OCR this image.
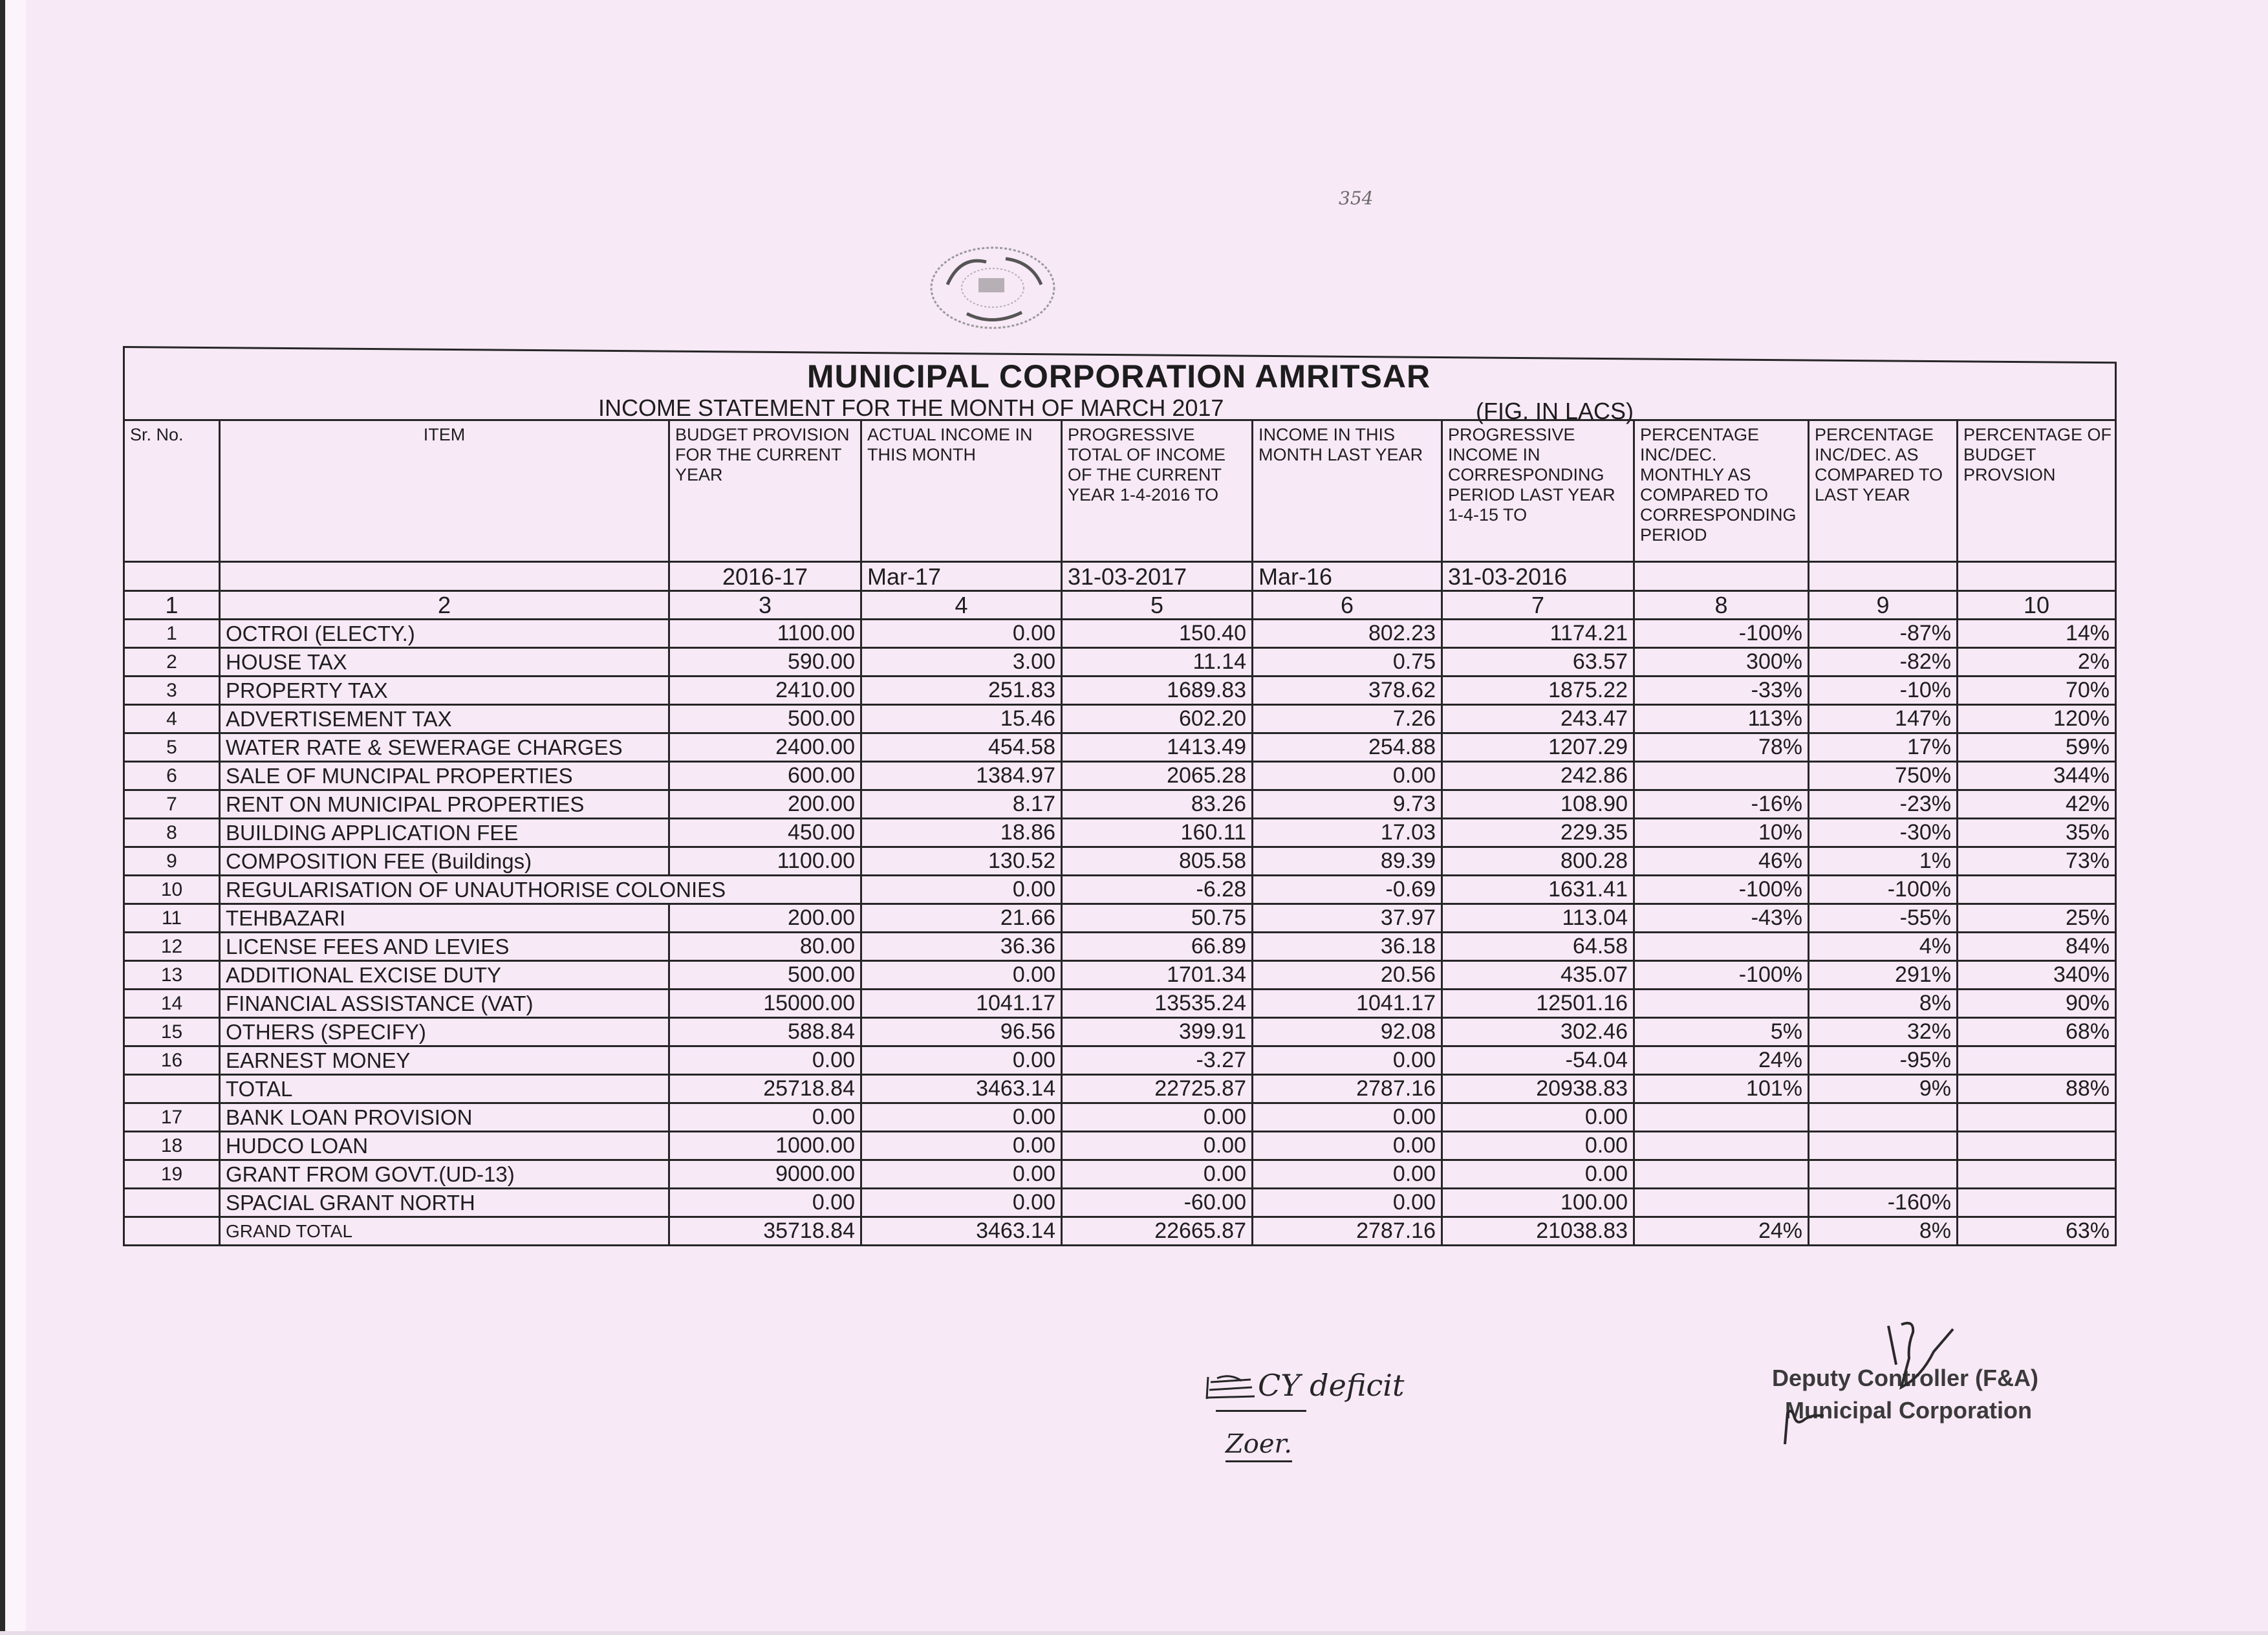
354
MUNICIPAL CORPORATION AMRITSAR
INCOME STATEMENT FOR THE MONTH OF MARCH 2017	(FIG. IN LACS)
Sr. No.	ITEM	BUDGET PROVISION FOR THE CURRENT YEAR	ACTUAL INCOME IN THIS MONTH	PROGRESSIVE TOTAL OF INCOME OF THE CURRENT YEAR 1-4-2016 TO	INCOME IN THIS MONTH LAST YEAR	PROGRESSIVE INCOME IN CORRESPONDING PERIOD LAST YEAR 1-4-15 TO	PERCENTAGE INC/DEC. MONTHLY AS COMPARED TO CORRESPONDING PERIOD	PERCENTAGE INC/DEC. AS COMPARED TO LAST YEAR	PERCENTAGE OF BUDGET PROVSION
		2016-17	Mar-17	31-03-2017	Mar-16	31-03-2016			
1	2	3	4	5	6	7	8	9	10
1	OCTROI (ELECTY.)	1100.00	0.00	150.40	802.23	1174.21	-100%	-87%	14%
2	HOUSE TAX	590.00	3.00	11.14	0.75	63.57	300%	-82%	2%
3	PROPERTY TAX	2410.00	251.83	1689.83	378.62	1875.22	-33%	-10%	70%
4	ADVERTISEMENT TAX	500.00	15.46	602.20	7.26	243.47	113%	147%	120%
5	WATER RATE & SEWERAGE CHARGES	2400.00	454.58	1413.49	254.88	1207.29	78%	17%	59%
6	SALE OF MUNCIPAL PROPERTIES	600.00	1384.97	2065.28	0.00	242.86		750%	344%
7	RENT ON MUNICIPAL PROPERTIES	200.00	8.17	83.26	9.73	108.90	-16%	-23%	42%
8	BUILDING APPLICATION FEE	450.00	18.86	160.11	17.03	229.35	10%	-30%	35%
9	COMPOSITION FEE (Buildings)	1100.00	130.52	805.58	89.39	800.28	46%	1%	73%
10	REGULARISATION OF UNAUTHORISE COLONIES		0.00	-6.28	-0.69	1631.41	-100%	-100%	
11	TEHBAZARI	200.00	21.66	50.75	37.97	113.04	-43%	-55%	25%
12	LICENSE FEES AND LEVIES	80.00	36.36	66.89	36.18	64.58		4%	84%
13	ADDITIONAL EXCISE DUTY	500.00	0.00	1701.34	20.56	435.07	-100%	291%	340%
14	FINANCIAL ASSISTANCE (VAT)	15000.00	1041.17	13535.24	1041.17	12501.16		8%	90%
15	OTHERS (SPECIFY)	588.84	96.56	399.91	92.08	302.46	5%	32%	68%
16	EARNEST MONEY	0.00	0.00	-3.27	0.00	-54.04	24%	-95%	
	TOTAL	25718.84	3463.14	22725.87	2787.16	20938.83	101%	9%	88%
17	BANK LOAN PROVISION	0.00	0.00	0.00	0.00	0.00			
18	HUDCO LOAN	1000.00	0.00	0.00	0.00	0.00			
19	GRANT FROM GOVT.(UD-13)	9000.00	0.00	0.00	0.00	0.00			
	SPACIAL GRANT NORTH	0.00	0.00	-60.00	0.00	100.00		-160%	
	GRAND TOTAL	35718.84	3463.14	22665.87	2787.16	21038.83	24%	8%	63%
CY deficit
Zoer.
Deputy Controller (F&A)
Municipal Corporation
